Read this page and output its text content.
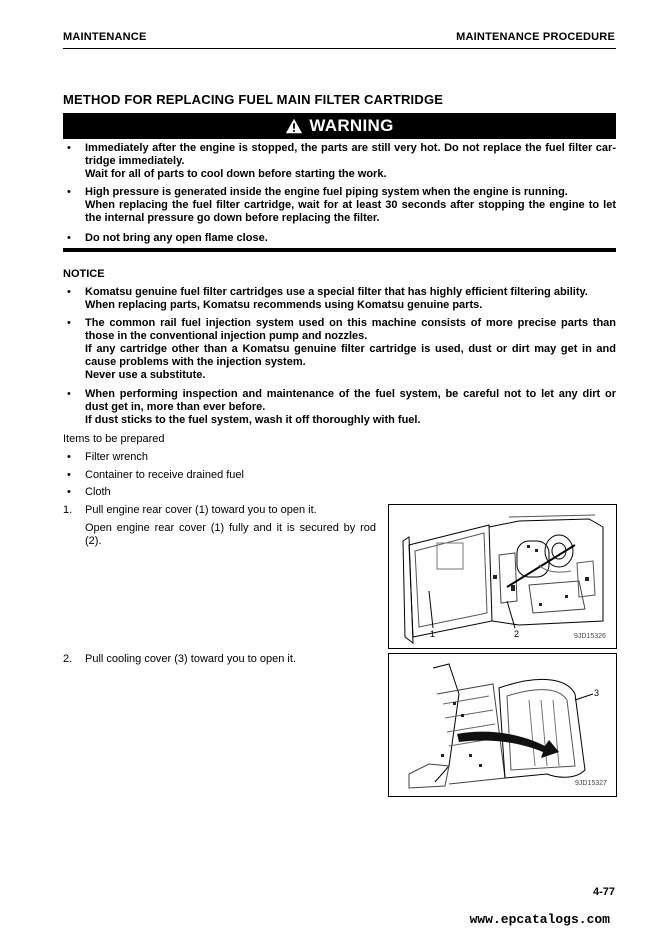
MAINTENANCE	MAINTENANCE PROCEDURE
METHOD FOR REPLACING FUEL MAIN FILTER CARTRIDGE
WARNING
• Immediately after the engine is stopped, the parts are still very hot. Do not replace the fuel filter car-
tridge immediately.
Wait for all of parts to cool down before starting the work.
• High pressure is generated inside the engine fuel piping system when the engine is running.
When replacing the fuel filter cartridge, wait for at least 30 seconds after stopping the engine to let
the internal pressure go down before replacing the filter.
• Do not bring any open flame close.
NOTICE
• Komatsu genuine fuel filter cartridges use a special filter that has highly efficient filtering ability.
When replacing parts, Komatsu recommends using Komatsu genuine parts.
• The common rail fuel injection system used on this machine consists of more precise parts than
those in the conventional injection pump and nozzles.
If any cartridge other than a Komatsu genuine filter cartridge is used, dust or dirt may get in and
cause problems with the injection system.
Never use a substitute.
• When performing inspection and maintenance of the fuel system, be careful not to let any dirt or
dust get in, more than ever before.
If dust sticks to the fuel system, wash it off thoroughly with fuel.
Items to be prepared
• Filter wrench
• Container to receive drained fuel
• Cloth
1. Pull engine rear cover (1) toward you to open it.
Open engine rear cover (1) fully and it is secured by rod
(2).
1	2	9JD15326
2. Pull cooling cover (3) toward you to open it.
3
9JD15327
4-77
www.epcatalogs.com
